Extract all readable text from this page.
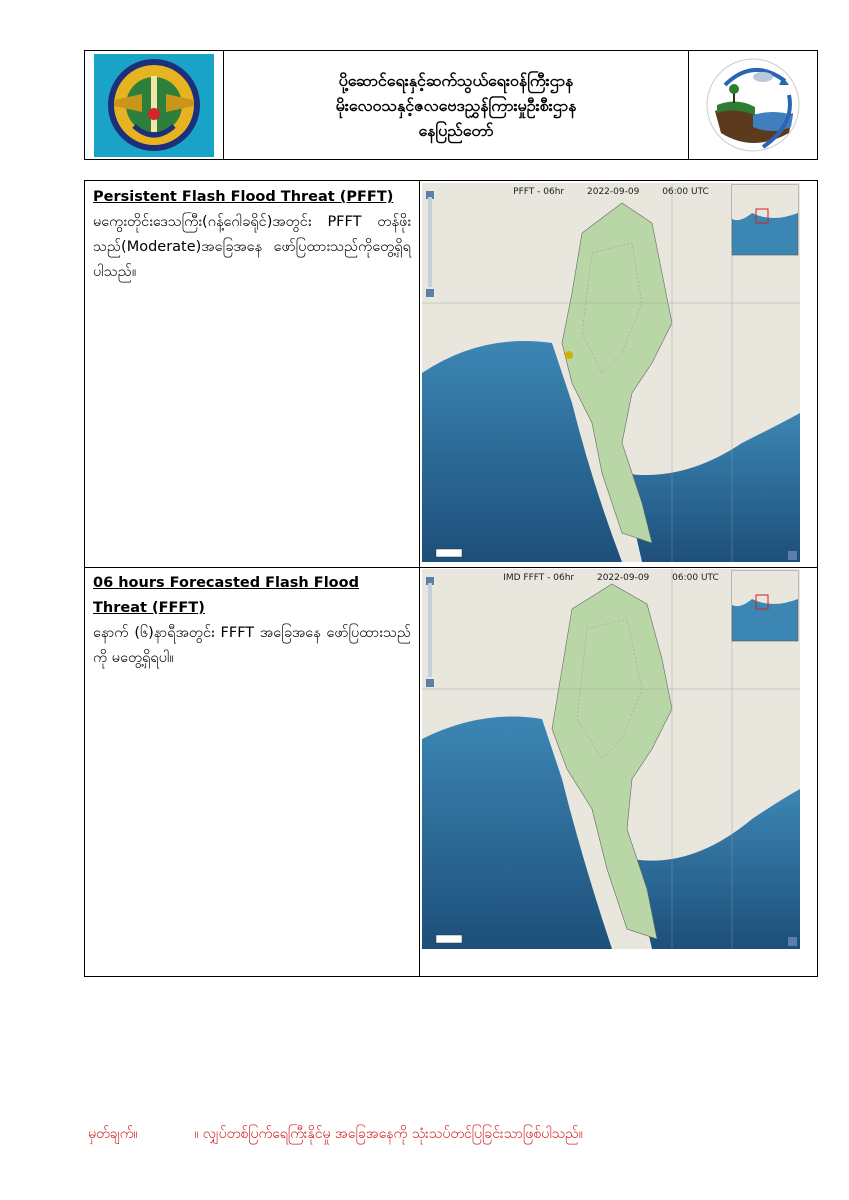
ပို့ဆောင်ရေးနှင့်ဆက်သွယ်ရေးဝန်ကြီးဌာန
မိုးလေဝသနှင့်ဇလဗေဒညွှန်ကြားမှုဦးစီးဌာန
နေပြည်တော်
Persistent Flash Flood Threat (PFFT)
မကွေးတိုင်းဒေသကြီး(ဂန့်ဂေါခရိုင်)အတွင်း PFFT တန်ဖိုးသည်(Moderate)အခြေအနေ ဖော်ပြထားသည်ကိုတွေ့ရှိရ ပါသည်။
PFFT - 06hr	2022-09-09	06:00 UTC
06 hours Forecasted Flash Flood Threat (FFFT)
နောက် (၆)နာရီအတွင်း FFFT အခြေအနေ ဖော်ပြထားသည်ကို မတွေ့ရှိရပါ။
IMD FFFT - 06hr	2022-09-09	06:00 UTC
မှတ်ချက်။	။ လျှပ်တစ်ပြက်ရေကြီးနိုင်မှု အခြေအနေကို သုံးသပ်တင်ပြခြင်းသာဖြစ်ပါသည်။
